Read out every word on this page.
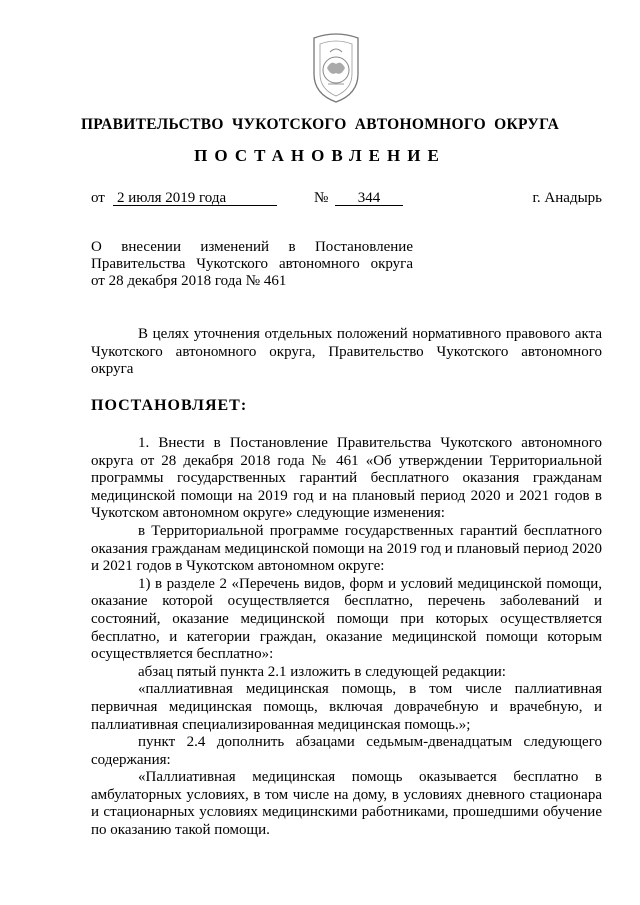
ПРАВИТЕЛЬСТВО ЧУКОТСКОГО АВТОНОМНОГО ОКРУГА
ПОСТАНОВЛЕНИЕ
от 2 июля 2019 года	№	344	г. Анадырь
О внесении изменений в Постановление
Правительства Чукотского автономного округа
от 28 декабря 2018 года № 461

В целях уточнения отдельных положений нормативного правового акта Чукотского автономного округа, Правительство Чукотского автономного округа

ПОСТАНОВЛЯЕТ:

1. Внести в Постановление Правительства Чукотского автономного округа от 28 декабря 2018 года № 461 «Об утверждении Территориальной программы государственных гарантий бесплатного оказания гражданам медицинской помощи на 2019 год и на плановый период 2020 и 2021 годов в Чукотском автономном округе» следующие изменения:

в Территориальной программе государственных гарантий бесплатного оказания гражданам медицинской помощи на 2019 год и плановый период 2020 и 2021 годов в Чукотском автономном округе:

1) в разделе 2 «Перечень видов, форм и условий медицинской помощи, оказание которой осуществляется бесплатно, перечень заболеваний и состояний, оказание медицинской помощи при которых осуществляется бесплатно, и категории граждан, оказание медицинской помощи которым осуществляется бесплатно»:

абзац пятый пункта 2.1 изложить в следующей редакции:

«паллиативная медицинская помощь, в том числе паллиативная первичная медицинская помощь, включая доврачебную и врачебную, и паллиативная специализированная медицинская помощь.»;

пункт 2.4 дополнить абзацами седьмым-двенадцатым следующего содержания:

«Паллиативная медицинская помощь оказывается бесплатно в амбулаторных условиях, в том числе на дому, в условиях дневного стационара и стационарных условиях медицинскими работниками, прошедшими обучение по оказанию такой помощи.
